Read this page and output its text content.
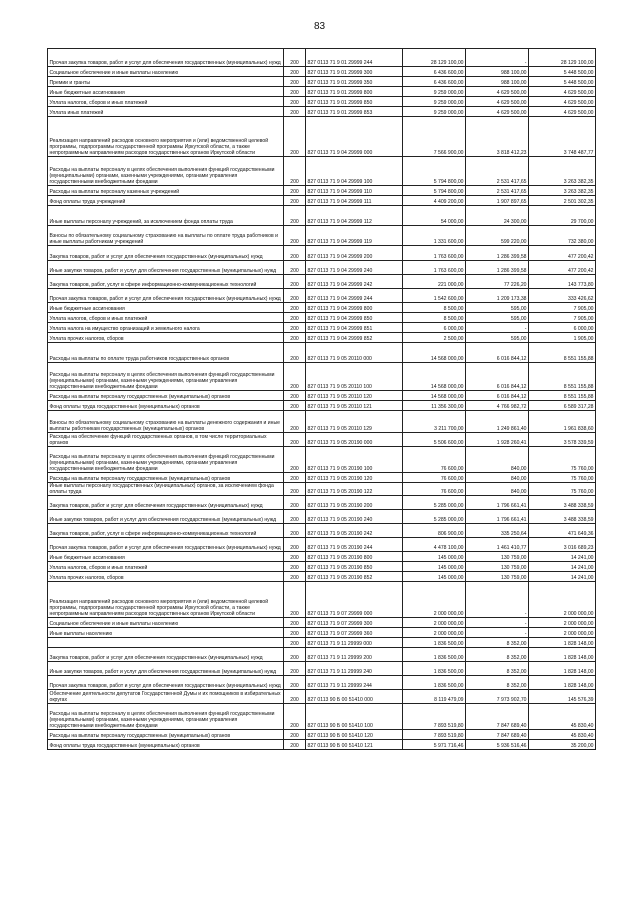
83
Прочая закупка товаров, работ и услуг для обеспечения государственных (муниципальных) нужд	200	827 0113 71 9 01 29999 244	28 129 100,00	-	28 129 100,00
Социальное обеспечение и иные выплаты населению	200	827 0113 71 9 01 29999 300	6 436 600,00	988 100,00	5 448 500,00
Премии и гранты	200	827 0113 71 9 01 29999 350	6 436 600,00	988 100,00	5 448 500,00
Иные бюджетные ассигнования	200	827 0113 71 9 01 29999 800	9 259 000,00	4 629 500,00	4 629 500,00
Уплата налогов, сборов и иных платежей	200	827 0113 71 9 01 29999 850	9 259 000,00	4 629 500,00	4 629 500,00
Уплата иных платежей	200	827 0113 71 9 01 29999 853	9 259 000,00	4 629 500,00	4 629 500,00
Реализация направлений расходов основного мероприятия и (или) ведомственной целевой программы, подпрограммы государственной программы Иркутской области, а также непрограммным направлениям расходов государственных органов Иркутской области	200	827 0113 71 9 04 29999 000	7 566 900,00	3 818 412,23	3 748 487,77
Расходы на выплаты персоналу в целях обеспечения выполнения функций государственными (муниципальными) органами, казенными учреждениями, органами управления государственными внебюджетными фондами	200	827 0113 71 9 04 29999 100	5 794 800,00	2 531 417,65	3 263 382,35
Расходы на выплаты персоналу казенных учреждений	200	827 0113 71 9 04 29999 110	5 794 800,00	2 531 417,65	3 263 382,35
Фонд оплаты труда учреждений	200	827 0113 71 9 04 29999 111	4 409 200,00	1 907 897,65	2 501 302,35
Иные выплаты персоналу учреждений, за исключением фонда оплаты труда	200	827 0113 71 9 04 29999 112	54 000,00	24 300,00	29 700,00
Взносы по обязательному социальному страхованию на выплаты по оплате труда работников и иные выплаты работникам учреждений	200	827 0113 71 9 04 29999 119	1 331 600,00	599 220,00	732 380,00
Закупка товаров, работ и услуг для обеспечения государственных (муниципальных) нужд	200	827 0113 71 9 04 29999 200	1 763 600,00	1 286 399,58	477 200,42
Иные закупки товаров, работ и услуг для обеспечения государственных (муниципальных) нужд	200	827 0113 71 9 04 29999 240	1 763 600,00	1 286 399,58	477 200,42
Закупка товаров, работ, услуг в сфере информационно-коммуникационных технологий	200	827 0113 71 9 04 29999 242	221 000,00	77 226,20	143 773,80
Прочая закупка товаров, работ и услуг для обеспечения государственных (муниципальных) нужд	200	827 0113 71 9 04 29999 244	1 542 600,00	1 209 173,38	333 426,62
Иные бюджетные ассигнования	200	827 0113 71 9 04 29999 800	8 500,00	595,00	7 905,00
Уплата налогов, сборов и иных платежей	200	827 0113 71 9 04 29999 850	8 500,00	595,00	7 905,00
Уплата налога на имущество организаций и земельного налога	200	827 0113 71 9 04 29999 851	6 000,00	-	6 000,00
Уплата прочих налогов, сборов	200	827 0113 71 9 04 29999 852	2 500,00	595,00	1 905,00
Расходы на выплаты по оплате труда работников государственных органов	200	827 0113 71 9 05 20110 000	14 568 000,00	6 016 844,12	8 551 155,88
Расходы на выплаты персоналу в целях обеспечения выполнения функций государственными (муниципальными) органами, казенными учреждениями, органами управления государственными внебюджетными фондами	200	827 0113 71 9 05 20110 100	14 568 000,00	6 016 844,12	8 551 155,88
Расходы на выплаты персоналу государственных (муниципальных) органов	200	827 0113 71 9 05 20110 120	14 568 000,00	6 016 844,12	8 551 155,88
Фонд оплаты труда государственных (муниципальных) органов	200	827 0113 71 9 05 20110 121	11 356 300,00	4 766 982,72	6 589 317,28
Взносы по обязательному социальному страхованию на выплаты денежного содержания и иные выплаты работникам государственных (муниципальных) органов	200	827 0113 71 9 05 20110 129	3 211 700,00	1 249 861,40	1 961 838,60
Расходы на обеспечение функций государственных органов, в том числе территориальных органов	200	827 0113 71 9 05 20190 000	5 506 600,00	1 928 260,41	3 578 339,59
Расходы на выплаты персоналу в целях обеспечения выполнения функций государственными (муниципальными) органами, казенными учреждениями, органами управления государственными внебюджетными фондами	200	827 0113 71 9 05 20190 100	76 600,00	840,00	75 760,00
Расходы на выплаты персоналу государственных (муниципальных) органов	200	827 0113 71 9 05 20190 120	76 600,00	840,00	75 760,00
Иные выплаты персоналу государственных (муниципальных) органов, за исключением фонда оплаты труда	200	827 0113 71 9 05 20190 122	76 600,00	840,00	75 760,00
Закупка товаров, работ и услуг для обеспечения государственных (муниципальных) нужд	200	827 0113 71 9 05 20190 200	5 285 000,00	1 796 661,41	3 488 338,59
Иные закупки товаров, работ и услуг для обеспечения государственных (муниципальных) нужд	200	827 0113 71 9 05 20190 240	5 285 000,00	1 796 661,41	3 488 338,59
Закупка товаров, работ, услуг в сфере информационно-коммуникационных технологий	200	827 0113 71 9 05 20190 242	806 900,00	335 250,64	471 649,36
Прочая закупка товаров, работ и услуг для обеспечения государственных (муниципальных) нужд	200	827 0113 71 9 05 20190 244	4 478 100,00	1 461 410,77	3 016 689,23
Иные бюджетные ассигнования	200	827 0113 71 9 05 20190 800	145 000,00	130 759,00	14 241,00
Уплата налогов, сборов и иных платежей	200	827 0113 71 9 05 20190 850	145 000,00	130 759,00	14 241,00
Уплата прочих налогов, сборов	200	827 0113 71 9 05 20190 852	145 000,00	130 759,00	14 241,00
Реализация направлений расходов основного мероприятия и (или) ведомственной целевой программы, подпрограммы государственной программы Иркутской области, а также непрограммным направлениям расходов государственных органов Иркутской области	200	827 0113 71 9 07 29999 000	2 000 000,00	-	2 000 000,00
Социальное обеспечение и иные выплаты населению	200	827 0113 71 9 07 29999 300	2 000 000,00	-	2 000 000,00
Иные выплаты населению	200	827 0113 71 9 07 29999 360	2 000 000,00	-	2 000 000,00
	200	827 0113 71 9 11 29999 000	1 836 500,00	8 352,00	1 828 148,00
Закупка товаров, работ и услуг для обеспечения государственных (муниципальных) нужд	200	827 0113 71 9 11 29999 200	1 836 500,00	8 352,00	1 828 148,00
Иные закупки товаров, работ и услуг для обеспечения государственных (муниципальных) нужд	200	827 0113 71 9 11 29999 240	1 836 500,00	8 352,00	1 828 148,00
Прочая закупка товаров, работ и услуг для обеспечения государственных (муниципальных) нужд	200	827 0113 71 9 11 29999 244	1 836 500,00	8 352,00	1 828 148,00
Обеспечение деятельности депутатов Государственной Думы и их помощников в избирательных округах	200	827 0113 90 Б 00 51410 000	8 119 479,09	7 973 902,70	145 576,39
Расходы на выплаты персоналу в целях обеспечения выполнения функций государственными (муниципальными) органами, казенными учреждениями, органами управления государственными внебюджетными фондами	200	827 0113 90 Б 00 51410 100	7 893 519,80	7 847 689,40	45 830,40
Расходы на выплаты персоналу государственных (муниципальных) органов	200	827 0113 90 Б 00 51410 120	7 893 519,80	7 847 689,40	45 830,40
Фонд оплаты труда государственных (муниципальных) органов	200	827 0113 90 Б 00 51410 121	5 971 716,46	5 936 516,46	35 200,00
